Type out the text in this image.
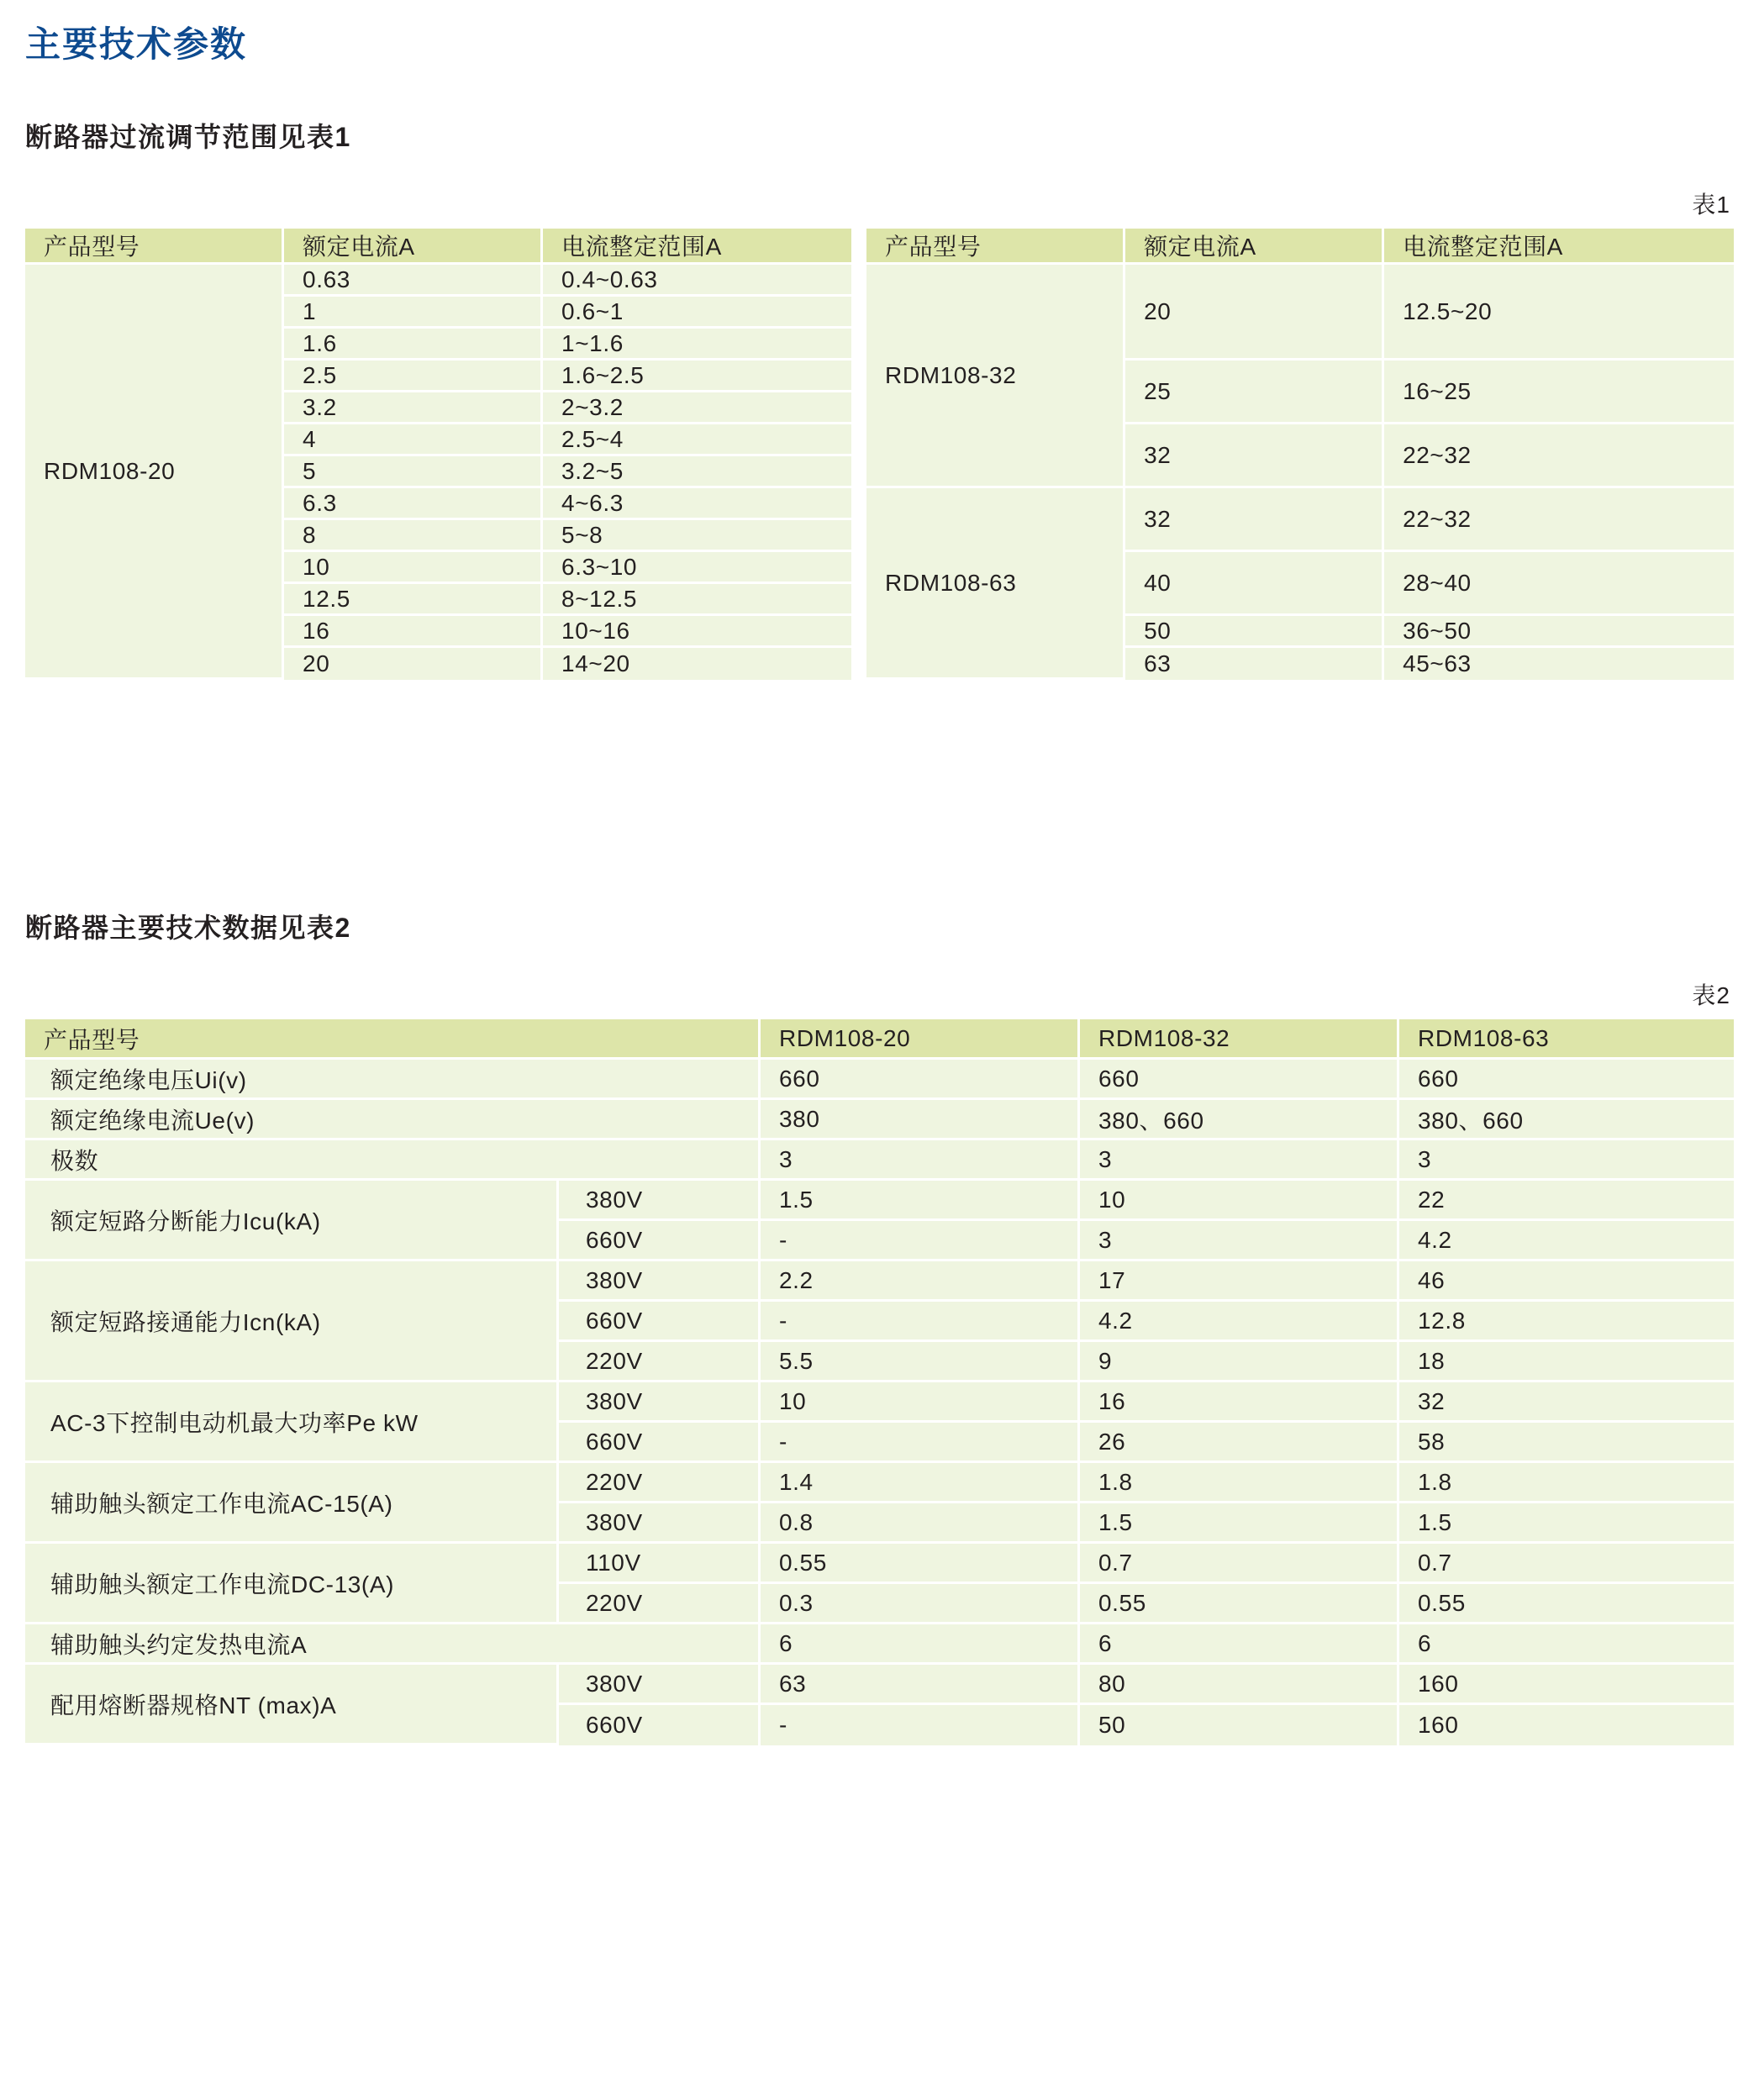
主要技术参数
断路器过流调节范围见表1
表1
产品型号	额定电流A	电流整定范围A		产品型号	额定电流A	电流整定范围A
RDM108-20	0.63	0.4~0.63		RDM108-32	20	12.5~20
	1	0.6~1				
	1.6	1~1.6				
	2.5	1.6~2.5			25	16~25
	3.2	2~3.2				
	4	2.5~4			32	22~32
	5	3.2~5				
	6.3	4~6.3		RDM108-63	32	22~32
	8	5~8				
	10	6.3~10			40	28~40
	12.5	8~12.5				
	16	10~16			50	36~50
	20	14~20			63	45~63
断路器主要技术数据见表2
表2
产品型号		RDM108-20	RDM108-32	RDM108-63
额定绝缘电压Ui(v)		660	660	660
额定绝缘电流Ue(v)		380	380、660	380、660
极数		3	3	3
额定短路分断能力Icu(kA)	380V	1.5	10	22
	660V	-	3	4.2
额定短路接通能力Icn(kA)	380V	2.2	17	46
	660V	-	4.2	12.8
	220V	5.5	9	18
AC-3下控制电动机最大功率Pe kW	380V	10	16	32
	660V	-	26	58
辅助触头额定工作电流AC-15(A)	220V	1.4	1.8	1.8
	380V	0.8	1.5	1.5
辅助触头额定工作电流DC-13(A)	110V	0.55	0.7	0.7
	220V	0.3	0.55	0.55
辅助触头约定发热电流A		6	6	6
配用熔断器规格NT (max)A	380V	63	80	160
	660V	-	50	160
